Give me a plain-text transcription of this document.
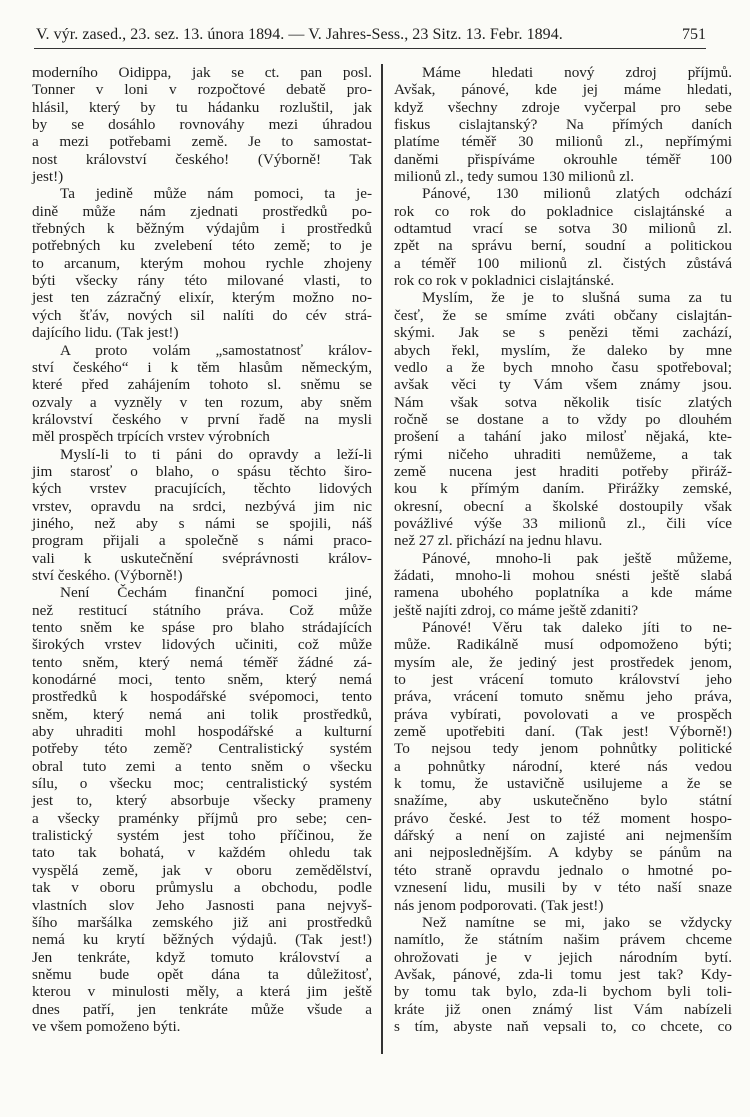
V. výr. zased., 23. sez. 13. února 1894. — V. Jahres-Sess., 23 Sitz. 13. Febr. 1894.	751
moderního Oidippa, jak se ct. pan posl.
Tonner v loni v rozpočtové debatě pro-
hlásil, který by tu hádanku rozluštil, jak
by se dosáhlo rovnováhy mezi úhradou
a mezi potřebami země. Je to samostat-
nost království českého! (Výborně! Tak
jest!)
Ta jedině může nám pomoci, ta je-
dině může nám zjednati prostředků po-
třebných k běžným výdajům i prostředků
potřebných ku zvelebení této země; to je
to arcanum, kterým mohou rychle zhojeny
býti všecky rány této milované vlasti, to
jest ten zázračný elixír, kterým možno no-
vých šťáv, nových sil nalíti do cév strá-
dajícího lidu. (Tak jest!)
A proto volám „samostatnosť králov-
ství českého“ i k těm hlasům německým,
které před zahájením tohoto sl. sněmu se
ozvaly a vyzněly v ten rozum, aby sněm
království českého v první řadě na mysli
měl prospěch trpících vrstev výrobních
Myslí-li to ti páni do opravdy a leží-li
jim starosť o blaho, o spásu těchto širo-
kých vrstev pracujících, těchto lidových
vrstev, opravdu na srdci, nezbývá jim nic
jiného, než aby s námi se spojili, náš
program přijali a společně s námi praco-
vali k uskutečnění svéprávnosti králov-
ství českého. (Výborně!)
Není Čechám finanční pomoci jiné,
než restitucí státního práva. Což může
tento sněm ke spáse pro blaho strádajících
širokých vrstev lidových učiniti, což může
tento sněm, který nemá téměř žádné zá-
konodárné moci, tento sněm, který nemá
prostředků k hospodářské svépomoci, tento
sněm, který nemá ani tolik prostředků,
aby uhraditi mohl hospodářské a kulturní
potřeby této země? Centralistický systém
obral tuto zemi a tento sněm o všecku
sílu, o všecku moc; centralistický systém
jest to, který absorbuje všecky prameny
a všecky praménky příjmů pro sebe; cen-
tralistický systém jest toho příčinou, že
tato tak bohatá, v každém ohledu tak
vyspělá země, jak v oboru zemědělství,
tak v oboru průmyslu a obchodu, podle
vlastních slov Jeho Jasnosti pana nejvyš-
šího maršálka zemského již ani prostředků
nemá ku krytí běžných výdajů. (Tak jest!)
Jen tenkráte, když tomuto království a
sněmu bude opět dána ta důležitosť,
kterou v minulosti měly, a která jim ještě
dnes patří, jen tenkráte může všude a
ve všem pomoženo býti.
Máme hledati nový zdroj příjmů.
Avšak, pánové, kde jej máme hledati,
když všechny zdroje vyčerpal pro sebe
fiskus cislajtanský? Na přímých daních
platíme téměř 30 milionů zl., nepřímými
daněmi přispíváme okrouhle téměř 100
milionů zl., tedy sumou 130 milionů zl.
Pánové, 130 milionů zlatých odchází
rok co rok do pokladnice cislajtánské a
odtamtud vrací se sotva 30 milionů zl.
zpět na správu berní, soudní a politickou
a téměř 100 milionů zl. čistých zůstává
rok co rok v pokladnici cislajtánské.
Myslím, že je to slušná suma za tu
česť, že se smíme zváti občany cislajtán-
skými. Jak se s penězi těmi zachází,
abych řekl, myslím, že daleko by mne
vedlo a že bych mnoho času spotřeboval;
avšak věci ty Vám všem známy jsou.
Nám však sotva několik tisíc zlatých
ročně se dostane a to vždy po dlouhém
prošení a tahání jako milosť nějaká, kte-
rými ničeho uhraditi nemůžeme, a tak
země nucena jest hraditi potřeby přiráž-
kou k přímým daním. Přirážky zemské,
okresní, obecní a školské dostoupily však
povážlivé výše 33 milionů zl., čili více
než 27 zl. přichází na jednu hlavu.
Pánové, mnoho-li pak ještě můžeme,
žádati, mnoho-li mohou snésti ještě slabá
ramena ubohého poplatníka a kde máme
ještě najíti zdroj, co máme ještě zdaniti?
Pánové! Věru tak daleko jíti to ne-
může. Radikálně musí odpomoženo býti;
mysím ale, že jediný jest prostředek jenom,
to jest vrácení tomuto království jeho
práva, vrácení tomuto sněmu jeho práva,
práva vybírati, povolovati a ve prospěch
země upotřebiti daní. (Tak jest! Výborně!)
To nejsou tedy jenom pohnůtky politické
a pohnůtky národní, které nás vedou
k tomu, že ustavičně usilujeme a že se
snažíme, aby uskutečněno bylo státní
právo české. Jest to též moment hospo-
dářský a není on zajisté ani nejmenším
ani nejposlednějším. A kdyby se pánům na
této straně opravdu jednalo o hmotné po-
vznesení lidu, musili by v této naší snaze
nás jenom podporovati. (Tak jest!)
Než namítne se mi, jako se vždycky
namítlo, že státním našim právem chceme
ohrožovati je v jejich národním bytí.
Avšak, pánové, zda-li tomu jest tak? Kdy-
by tomu tak bylo, zda-li bychom byli toli-
kráte již onen známý list Vám nabízeli
s tím, abyste naň vepsali to, co chcete, co
